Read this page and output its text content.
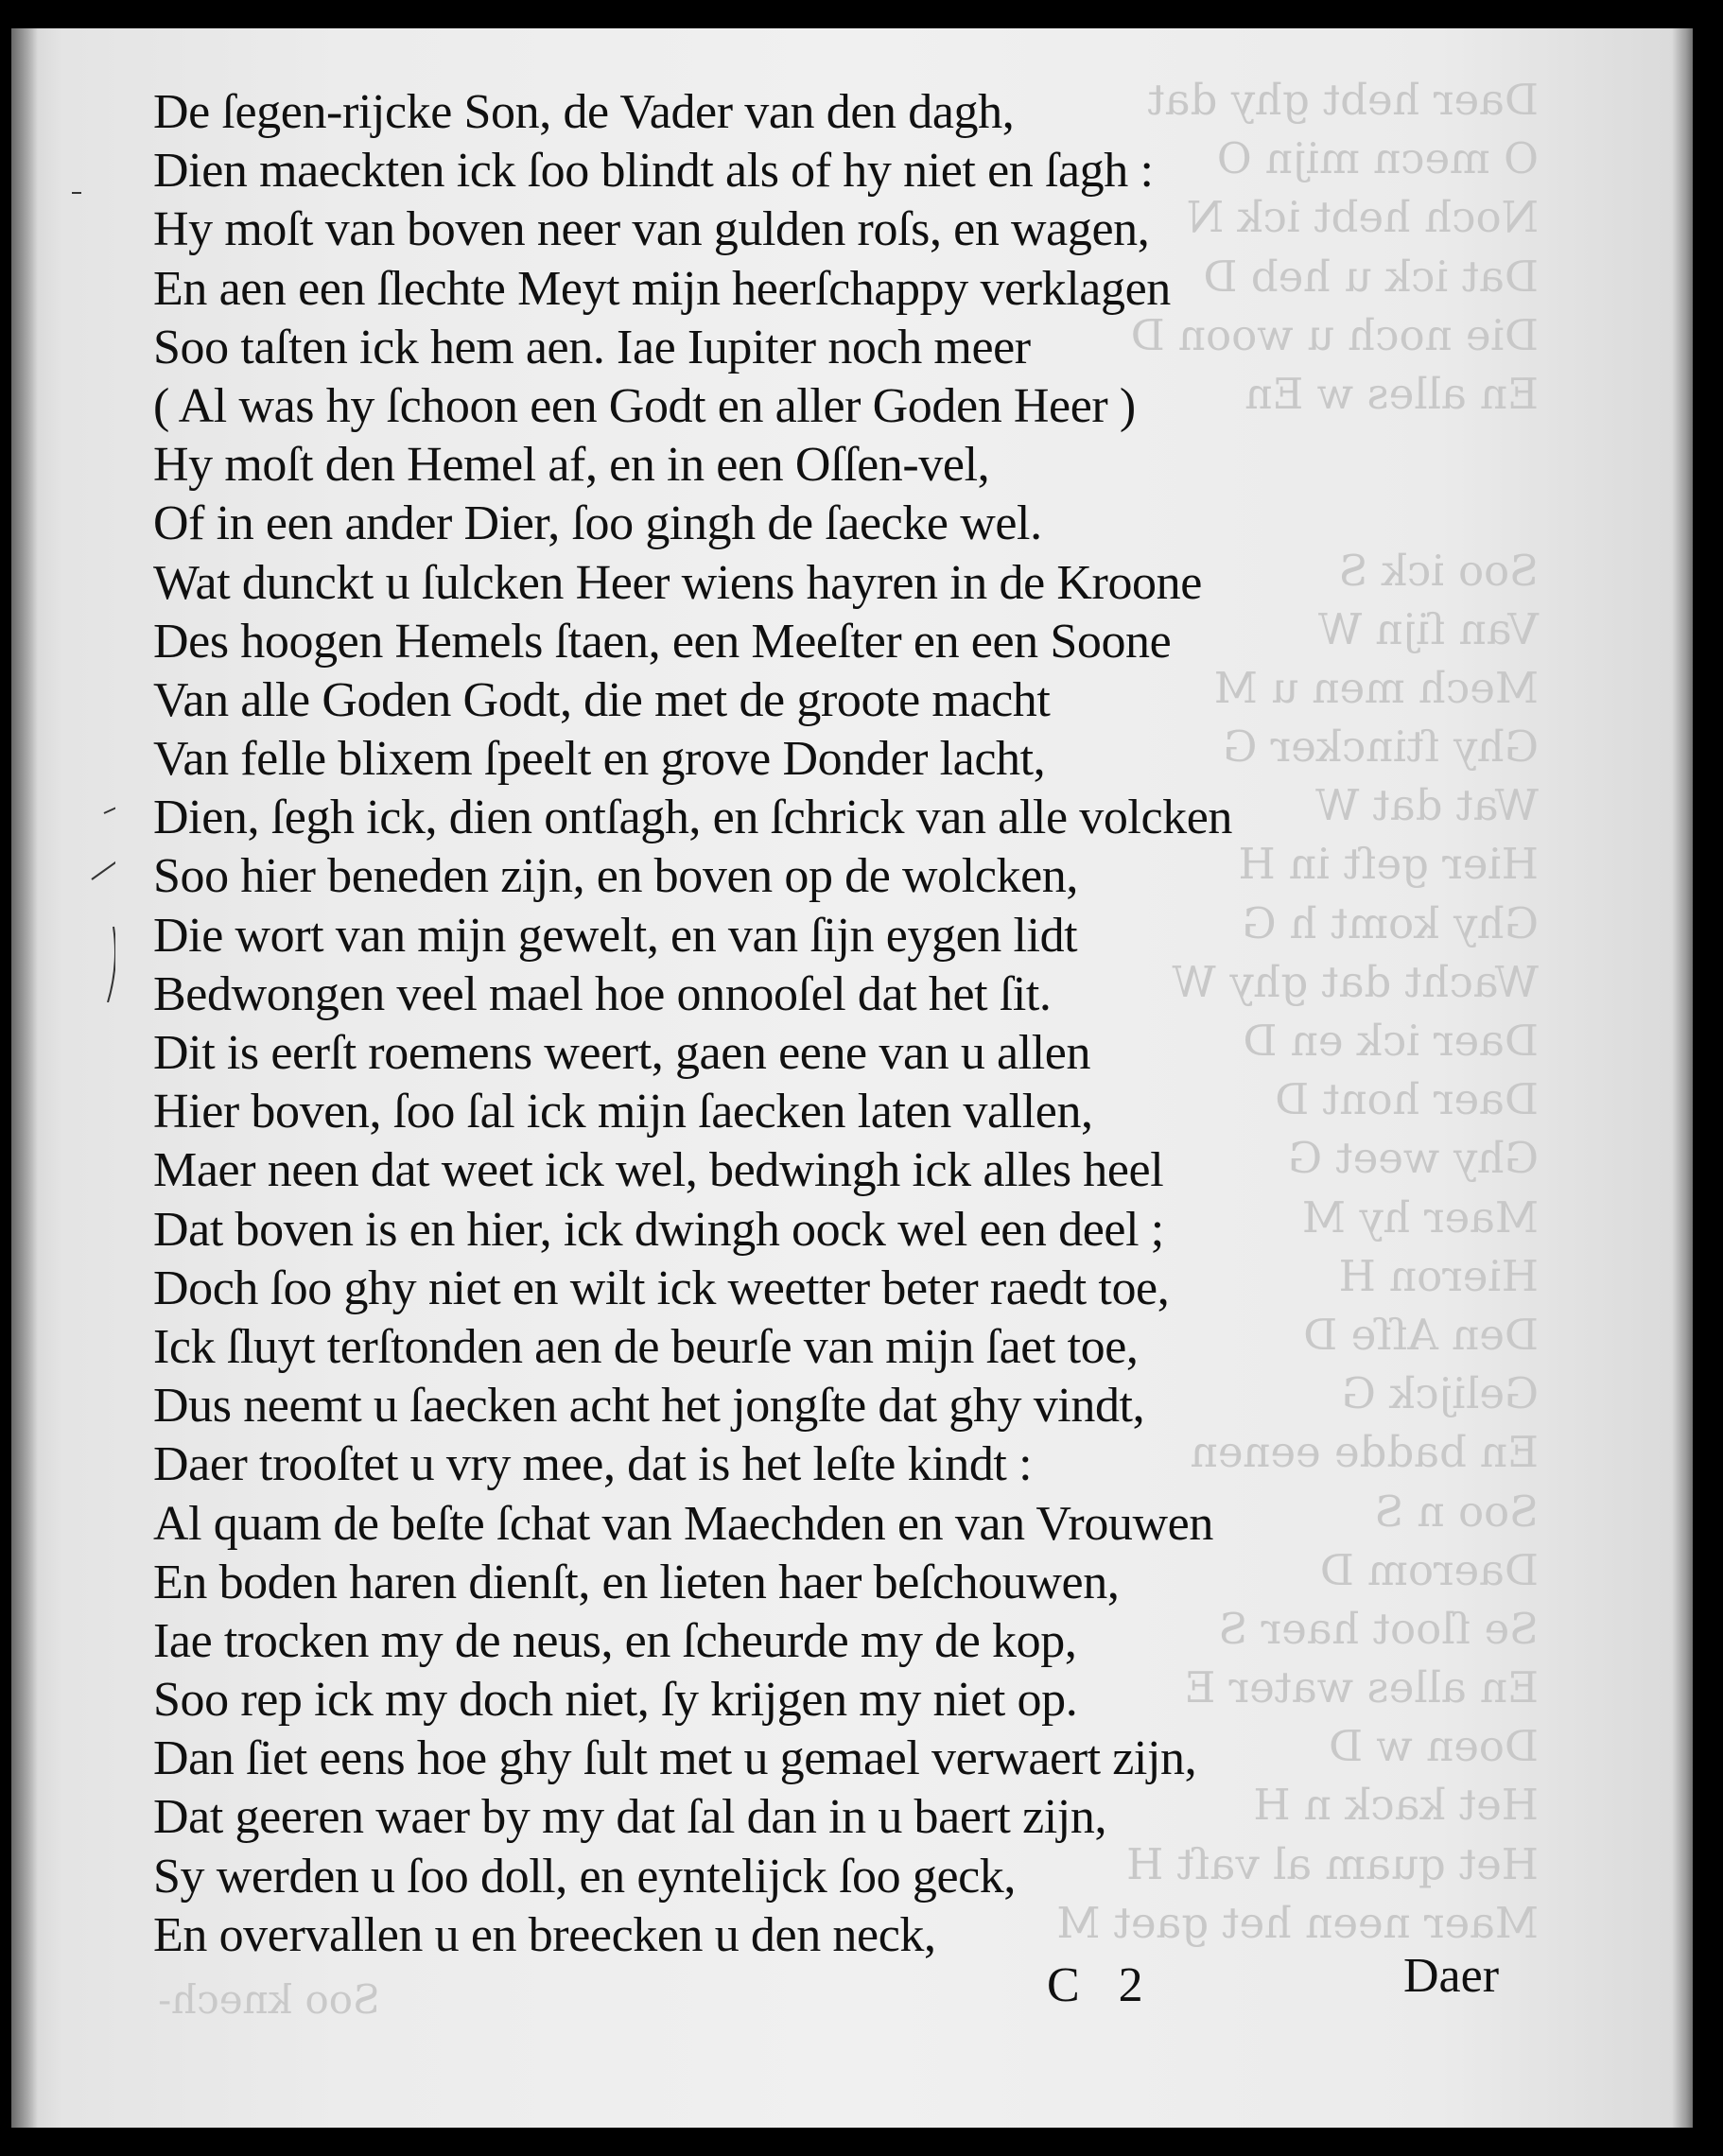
Daer hebt ghy dat
O mecn mijn O
Noch hebt ick N
Dat ick u heb D
Die noch u woon D
En alles w En
Soo ick S
Van ſijn W
Mech men u M
Ghy ſtincker G
Wat dat W
Hier geſt in H
Ghy komt h G
Wacht dat ghy W
Daer ick en D
Daer hont D
Ghy weet G
Maer hy M
Hieron H
Den Aſſe D
Gelijck G
En badde eenen
Soo n S
Daerom D
Se ſloot haer S
En alles water E
Doen w D
Het kack n H
Het quam al vaſt H
Maer neen het gaet M
De ſegen-rijcke Son, de Vader van den dagh,
Dien maeckten ick ſoo blindt als of hy niet en ſagh :
Hy moſt van boven neer van gulden roſs, en wagen,
En aen een ſlechte Meyt mijn heerſchappy verklagen
Soo taſten ick hem aen. Iae Iupiter noch meer
( Al was hy ſchoon een Godt en aller Goden Heer )
Hy moſt den Hemel af, en in een Oſſen-vel,
Of in een ander Dier, ſoo gingh de ſaecke wel.
Wat dunckt u ſulcken Heer wiens hayren in de Kroone
Des hoogen Hemels ſtaen, een Meeſter en een Soone
Van alle Goden Godt, die met de groote macht
Van felle blixem ſpeelt en grove Donder lacht,
Dien, ſegh ick, dien ontſagh, en ſchrick van alle volcken
Soo hier beneden zijn, en boven op de wolcken,
Die wort van mijn gewelt, en van ſijn eygen lidt
Bedwongen veel mael hoe onnooſel dat het ſit.
Dit is eerſt roemens weert, gaen eene van u allen
Hier boven, ſoo ſal ick mijn ſaecken laten vallen,
Maer neen dat weet ick wel, bedwingh ick alles heel
Dat boven is en hier, ick dwingh oock wel een deel ;
Doch ſoo ghy niet en wilt ick weetter beter raedt toe,
Ick ſluyt terſtonden aen de beurſe van mijn ſaet toe,
Dus neemt u ſaecken acht het jongſte dat ghy vindt,
Daer trooſtet u vry mee, dat is het leſte kindt :
Al quam de beſte ſchat van Maechden en van Vrouwen
En boden haren dienſt, en lieten haer beſchouwen,
Iae trocken my de neus, en ſcheurde my de kop,
Soo rep ick my doch niet, ſy krijgen my niet op.
Dan ſiet eens hoe ghy ſult met u gemael verwaert zijn,
Dat geeren waer by my dat ſal dan in u baert zijn,
Sy werden u ſoo doll, en eyntelijck ſoo geck,
En overvallen u en breecken u den neck,
Soo knech-	C 2	Daer
